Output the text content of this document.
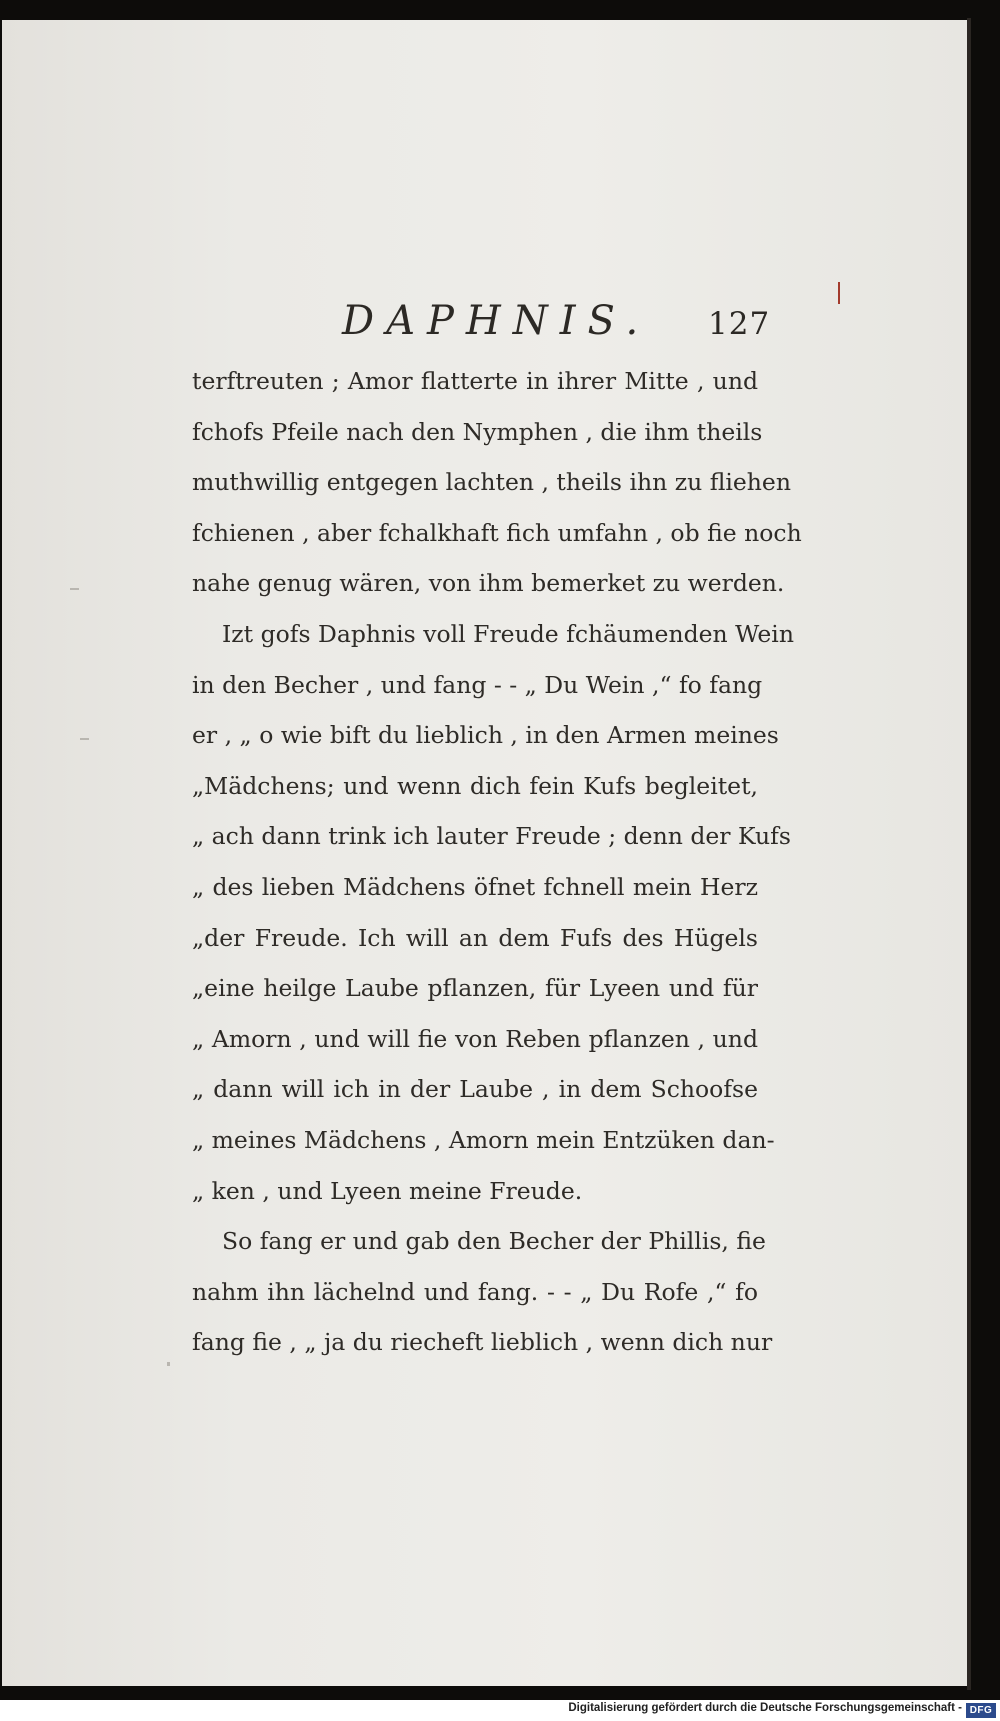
DAPHNIS. 127
terftreuten ; Amor flatterte in ihrer Mitte , und
fchofs Pfeile nach den Nymphen , die ihm theils
muthwillig entgegen lachten , theils ihn zu fliehen
fchienen , aber fchalkhaft fich umfahn , ob fie noch
nahe genug wären, von ihm bemerket zu werden.
Izt gofs Daphnis voll Freude fchäumenden Wein
in den Becher , und fang - - „ Du Wein ,“ fo fang
er , „ o wie bift du lieblich , in den Armen meines
„Mädchens; und wenn dich fein Kufs begleitet,
„ ach dann trink ich lauter Freude ; denn der Kufs
„ des lieben Mädchens öfnet fchnell mein Herz
„der Freude. Ich will an dem Fufs des Hügels
„eine heilge Laube pflanzen, für Lyeen und für
„ Amorn , und will fie von Reben pflanzen , und
„ dann will ich in der Laube , in dem Schoofse
„ meines Mädchens , Amorn mein Entzüken dan-
„ ken , und Lyeen meine Freude.
So fang er und gab den Becher der Phillis, fie
nahm ihn lächelnd und fang. - - „ Du Rofe ,“ fo
fang fie , „ ja du riecheft lieblich , wenn dich nur
Digitalisierung gefördert durch die Deutsche Forschungsgemeinschaft - DFG
